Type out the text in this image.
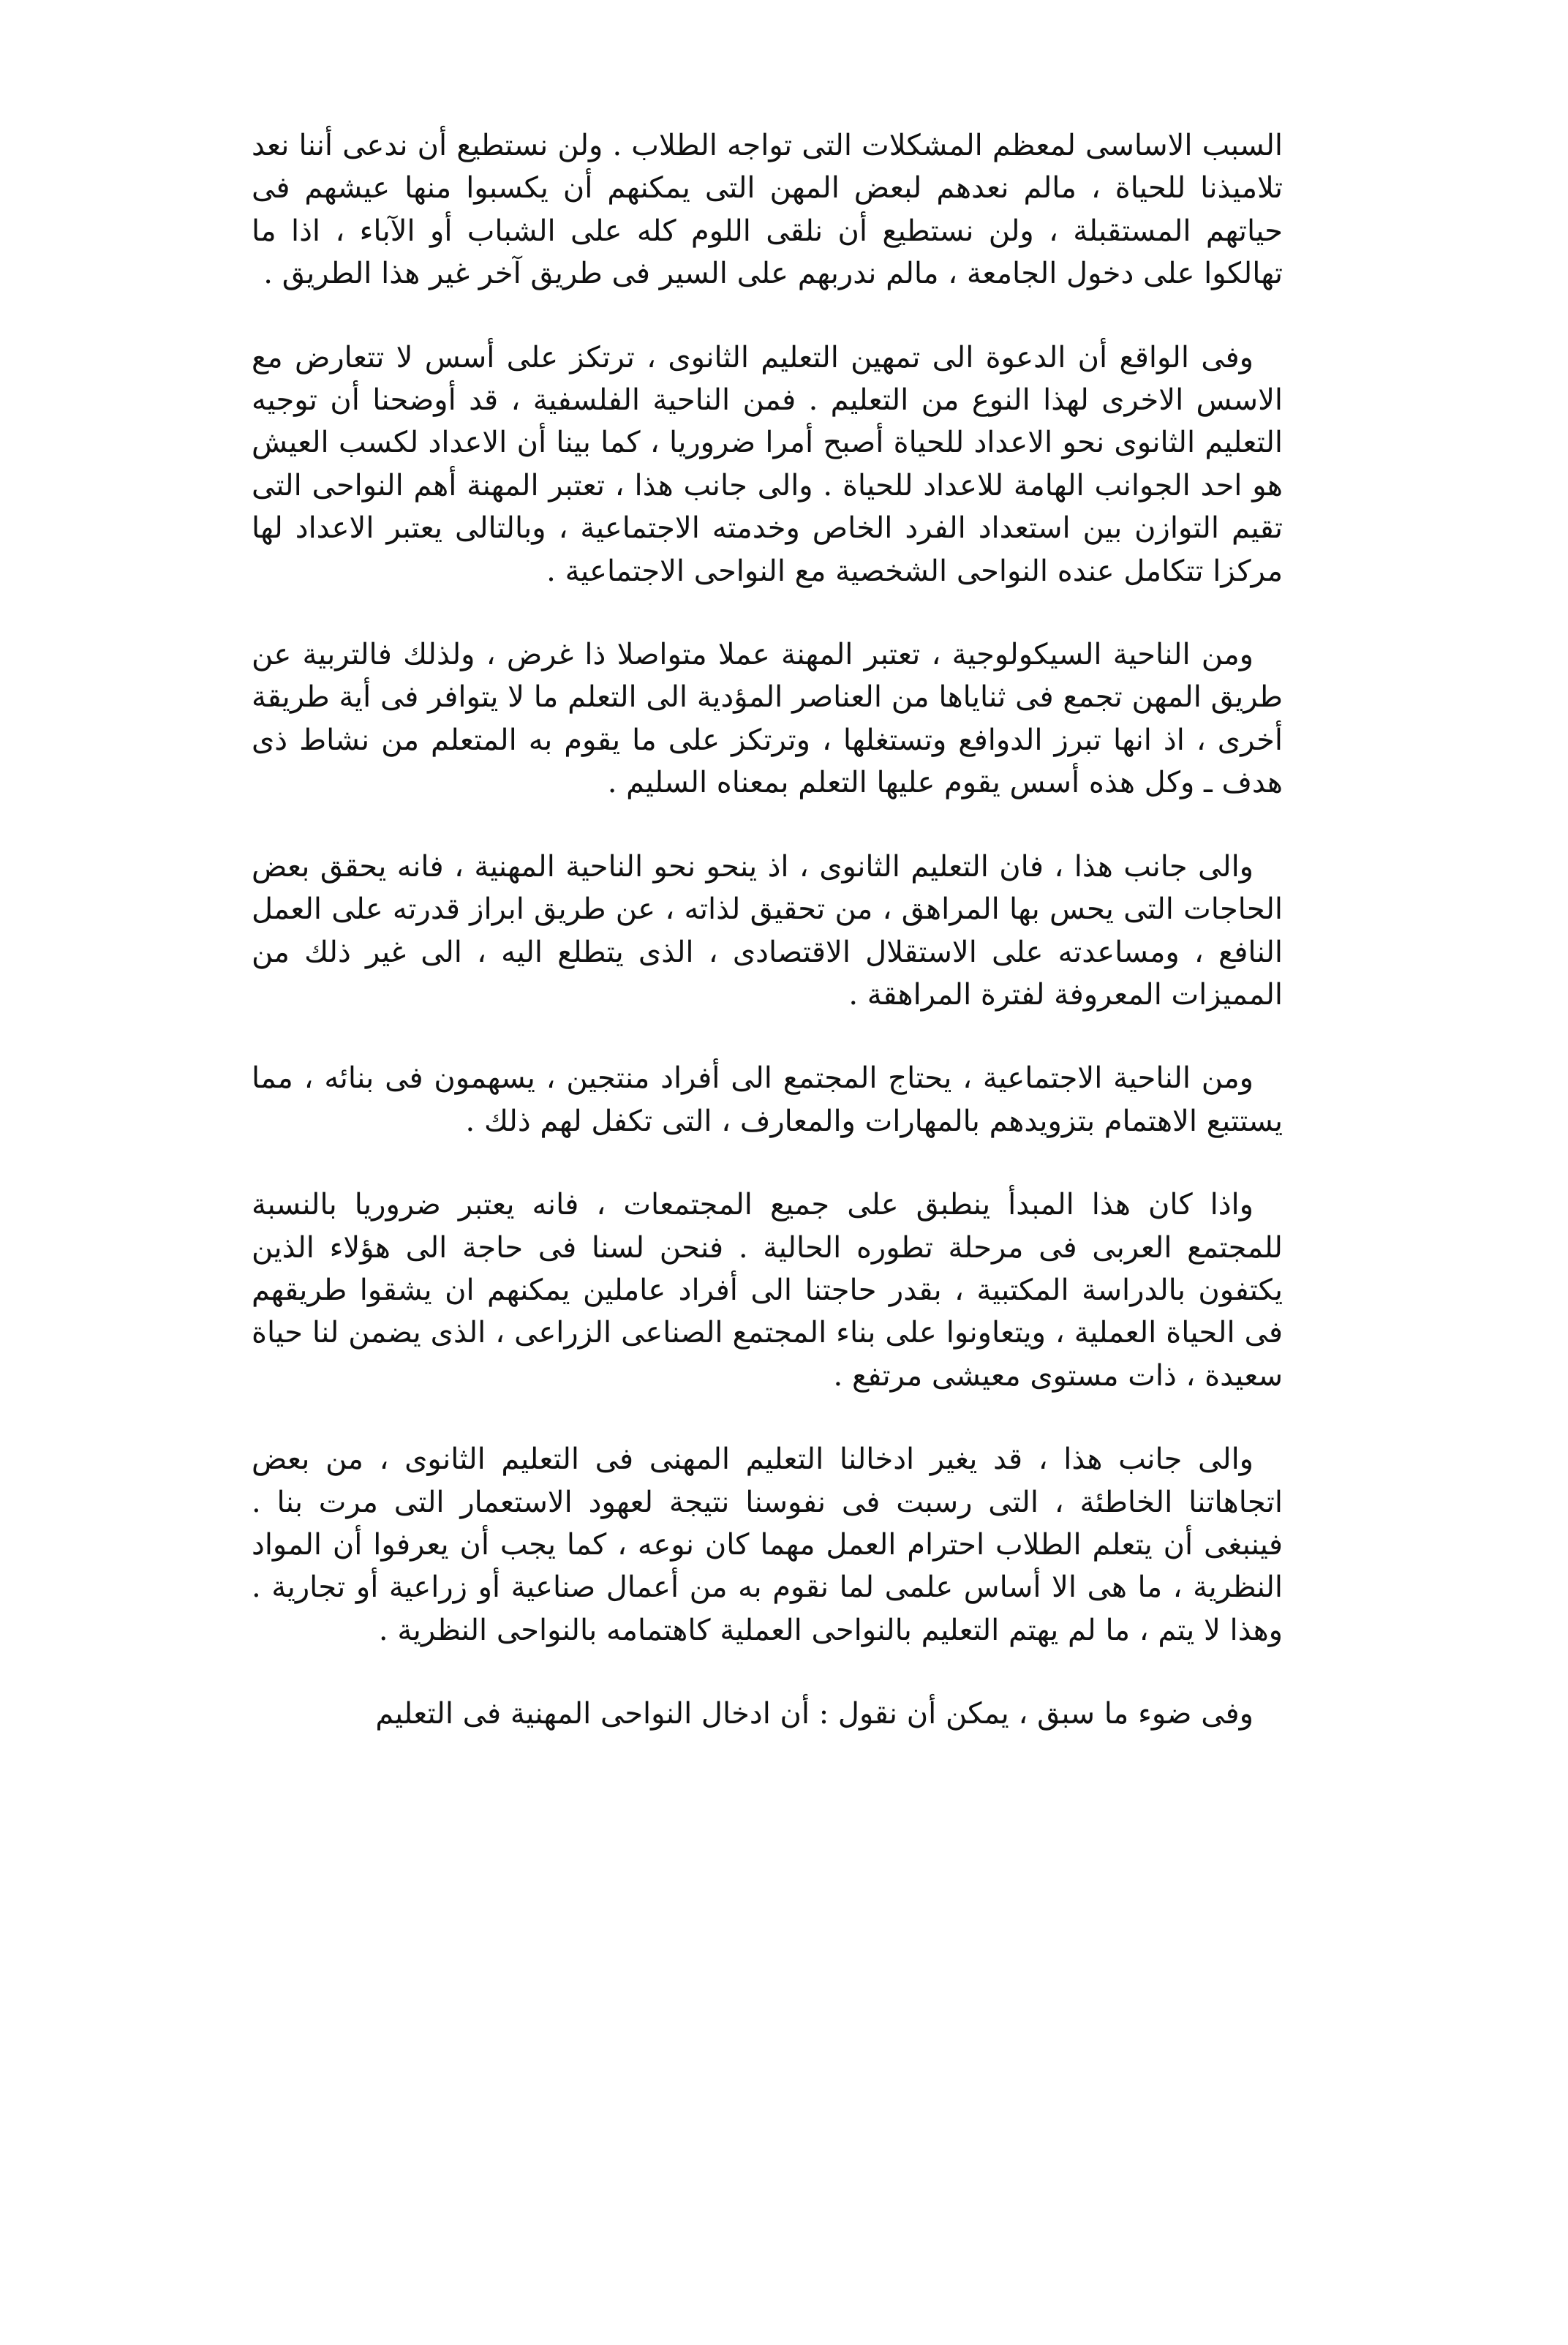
السبب الاساسى لمعظم المشكلات التى تواجه الطلاب . ولن نستطيع أن ندعى أننا نعد تلاميذنا للحياة ، مالم نعدهم لبعض المهن التى يمكنهم أن يكسبوا منها عيشهم فى حياتهم المستقبلة ، ولن نستطيع أن نلقى اللوم كله على الشباب أو الآباء ، اذا ما تهالكوا على دخول الجامعة ، مالم ندربهم على السير فى طريق آخر غير هذا الطريق .

وفى الواقع أن الدعوة الى تمهين التعليم الثانوى ، ترتكز على أسس لا تتعارض مع الاسس الاخرى لهذا النوع من التعليم . فمن الناحية الفلسفية ، قد أوضحنا أن توجيه التعليم الثانوى نحو الاعداد للحياة أصبح أمرا ضروريا ، كما بينا أن الاعداد لكسب العيش هو احد الجوانب الهامة للاعداد للحياة . والى جانب هذا ، تعتبر المهنة أهم النواحى التى تقيم التوازن بين استعداد الفرد الخاص وخدمته الاجتماعية ، وبالتالى يعتبر الاعداد لها مركزا تتكامل عنده النواحى الشخصية مع النواحى الاجتماعية .

ومن الناحية السيكولوجية ، تعتبر المهنة عملا متواصلا ذا غرض ، ولذلك فالتربية عن طريق المهن تجمع فى ثناياها من العناصر المؤدية الى التعلم ما لا يتوافر فى أية طريقة أخرى ، اذ انها تبرز الدوافع وتستغلها ، وترتكز على ما يقوم به المتعلم من نشاط ذى هدف ـ وكل هذه أسس يقوم عليها التعلم بمعناه السليم .

والى جانب هذا ، فان التعليم الثانوى ، اذ ينحو نحو الناحية المهنية ، فانه يحقق بعض الحاجات التى يحس بها المراهق ، من تحقيق لذاته ، عن طريق ابراز قدرته على العمل النافع ، ومساعدته على الاستقلال الاقتصادى ، الذى يتطلع اليه ، الى غير ذلك من المميزات المعروفة لفترة المراهقة .

ومن الناحية الاجتماعية ، يحتاج المجتمع الى أفراد منتجين ، يسهمون فى بنائه ، مما يستتبع الاهتمام بتزويدهم بالمهارات والمعارف ، التى تكفل لهم ذلك .

واذا كان هذا المبدأ ينطبق على جميع المجتمعات ، فانه يعتبر ضروريا بالنسبة للمجتمع العربى فى مرحلة تطوره الحالية . فنحن لسنا فى حاجة الى هؤلاء الذين يكتفون بالدراسة المكتبية ، بقدر حاجتنا الى أفراد عاملين يمكنهم ان يشقوا طريقهم فى الحياة العملية ، ويتعاونوا على بناء المجتمع الصناعى الزراعى ، الذى يضمن لنا حياة سعيدة ، ذات مستوى معيشى مرتفع .

والى جانب هذا ، قد يغير ادخالنا التعليم المهنى فى التعليم الثانوى ، من بعض اتجاهاتنا الخاطئة ، التى رسبت فى نفوسنا نتيجة لعهود الاستعمار التى مرت بنا . فينبغى أن يتعلم الطلاب احترام العمل مهما كان نوعه ، كما يجب أن يعرفوا أن المواد النظرية ، ما هى الا أساس علمى لما نقوم به من أعمال صناعية أو زراعية أو تجارية . وهذا لا يتم ، ما لم يهتم التعليم بالنواحى العملية كاهتمامه بالنواحى النظرية .

وفى ضوء ما سبق ، يمكن أن نقول : أن ادخال النواحى المهنية فى التعليم
